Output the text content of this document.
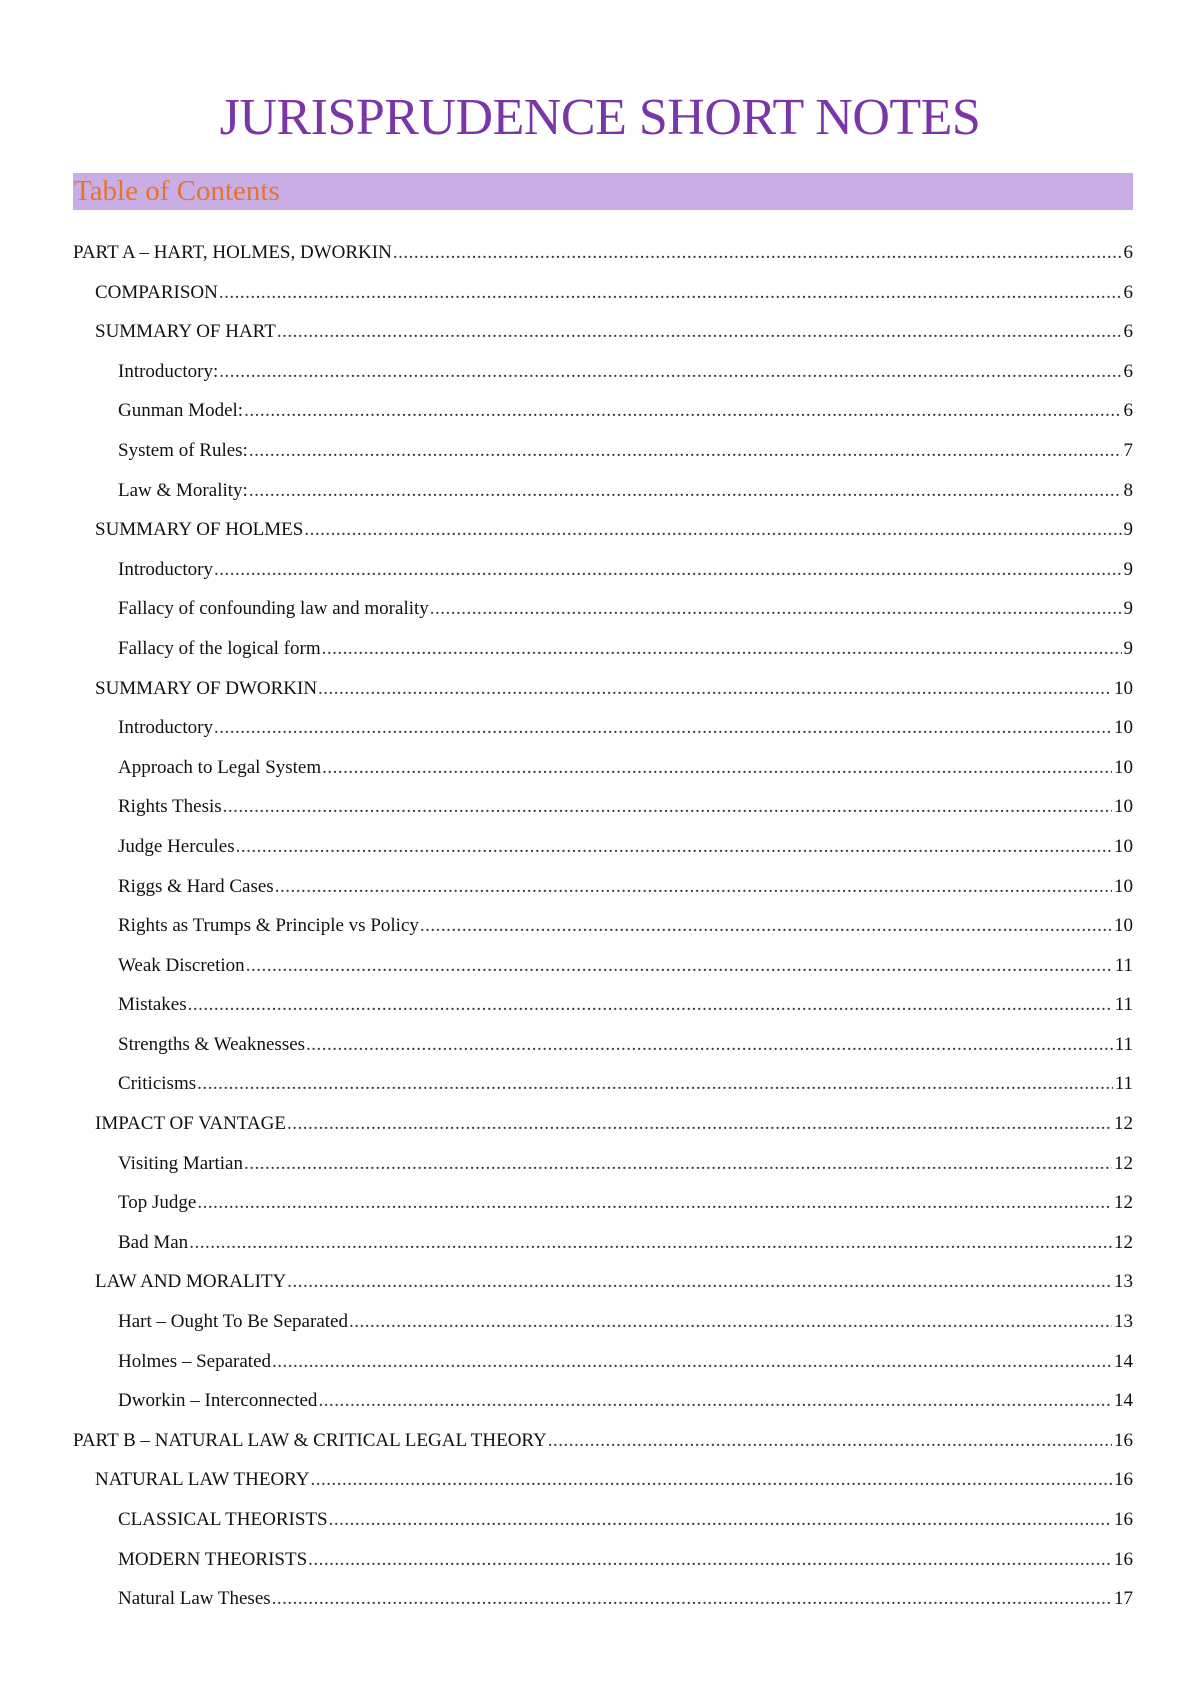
JURISPRUDENCE SHORT NOTES
Table of Contents
PART A – HART, HOLMES, DWORKIN .....	6
COMPARISON .....	6
SUMMARY OF HART .....	6
Introductory: .....	6
Gunman Model: .....	6
System of Rules: .....	7
Law & Morality: .....	8
SUMMARY OF HOLMES .....	9
Introductory .....	9
Fallacy of confounding law and morality .....	9
Fallacy of the logical form .....	9
SUMMARY OF DWORKIN .....	10
Introductory .....	10
Approach to Legal System .....	10
Rights Thesis .....	10
Judge Hercules .....	10
Riggs & Hard Cases .....	10
Rights as Trumps & Principle vs Policy .....	10
Weak Discretion .....	11
Mistakes .....	11
Strengths & Weaknesses .....	11
Criticisms .....	11
IMPACT OF VANTAGE .....	12
Visiting Martian .....	12
Top Judge .....	12
Bad Man .....	12
LAW AND MORALITY .....	13
Hart – Ought To Be Separated .....	13
Holmes – Separated .....	14
Dworkin – Interconnected .....	14
PART B – NATURAL LAW & CRITICAL LEGAL THEORY .....	16
NATURAL LAW THEORY .....	16
CLASSICAL THEORISTS .....	16
MODERN THEORISTS .....	16
Natural Law Theses .....	17
